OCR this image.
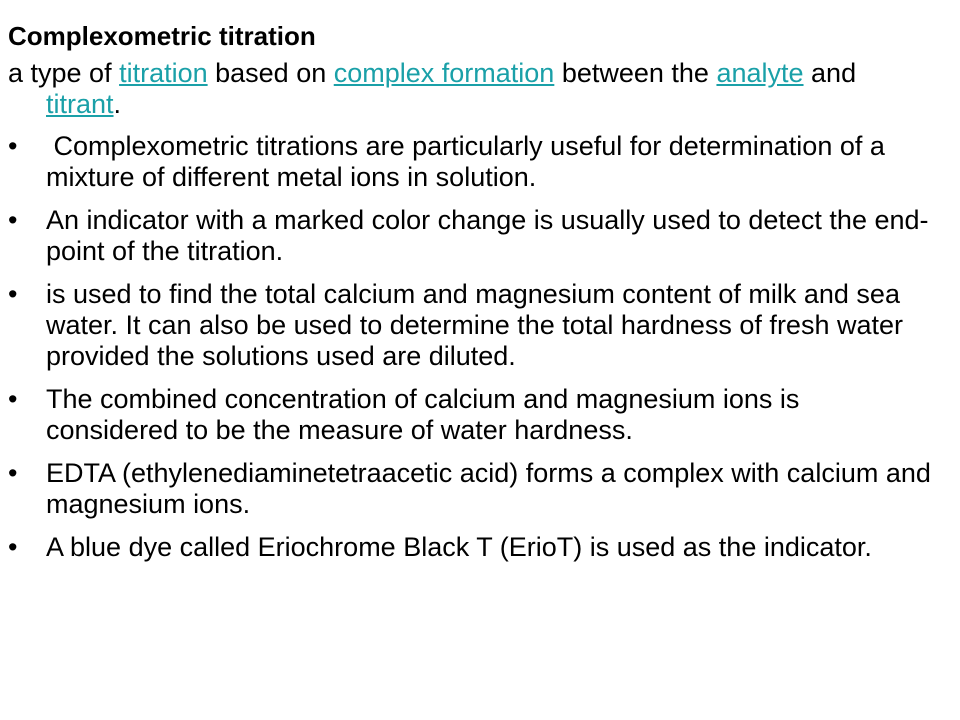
Complexometric titration

a type of titration based on complex formation between the analyte and titrant.

•	Complexometric titrations are particularly useful for determination of a mixture of different metal ions in solution.
•	An indicator with a marked color change is usually used to detect the end-point of the titration.
•	is used to find the total calcium and magnesium content of milk and sea water. It can also be used to determine the total hardness of fresh water provided the solutions used are diluted.
•	The combined concentration of calcium and magnesium ions is considered to be the measure of water hardness.
•	EDTA (ethylenediaminetetraacetic acid) forms a complex with calcium and magnesium ions.
•	A blue dye called Eriochrome Black T (ErioT) is used as the indicator.
